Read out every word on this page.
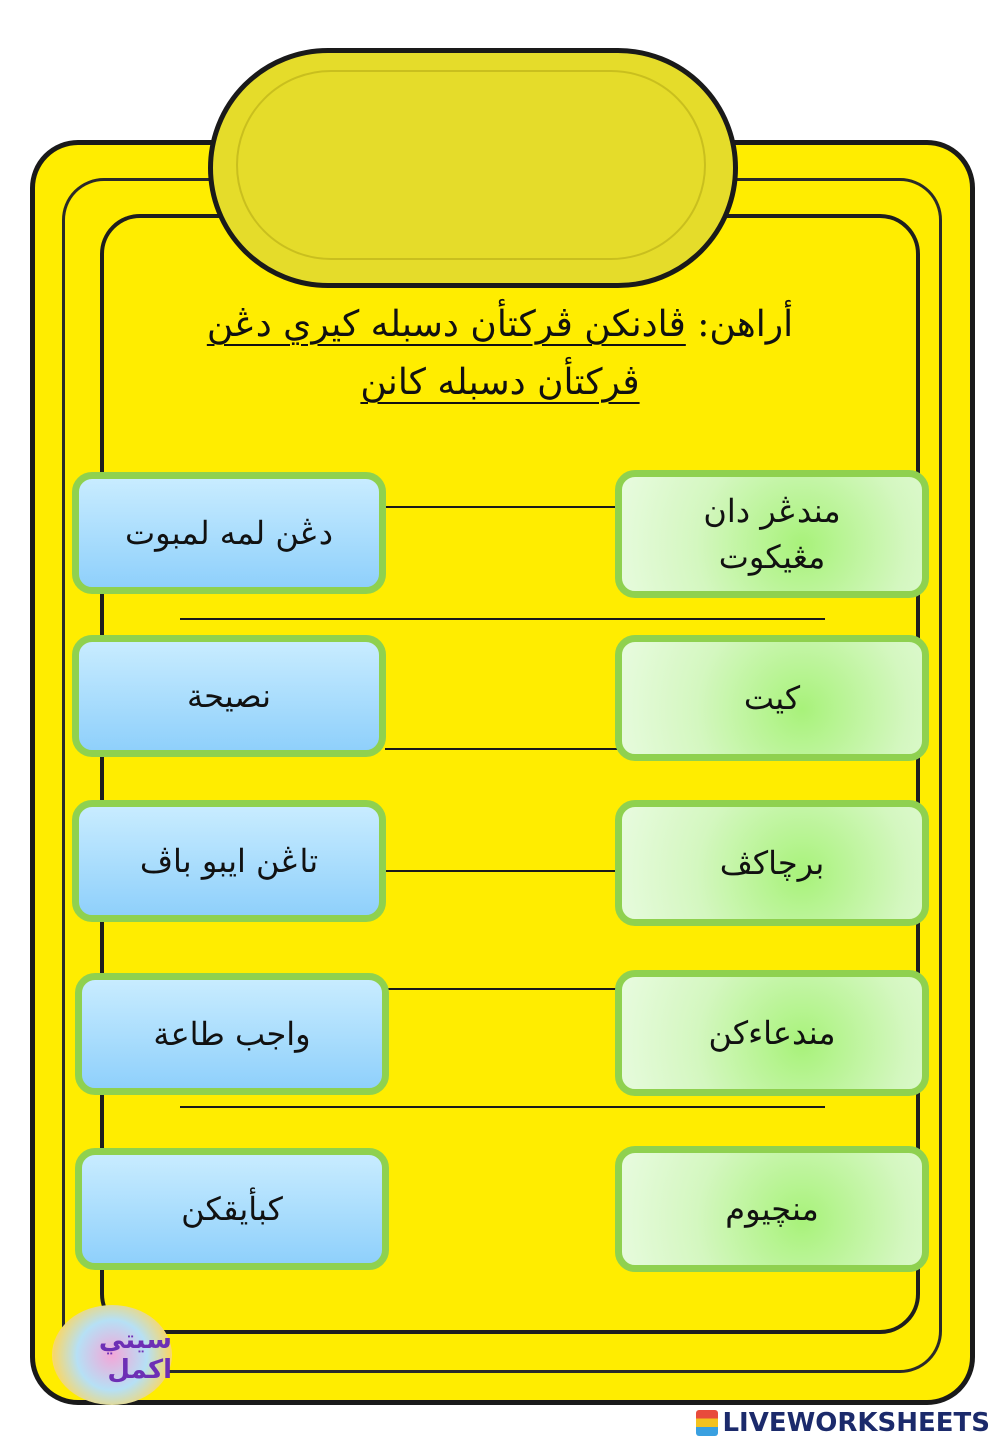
أراهن: ڤادنكن ڤركتأن دسبله كيري دڠن
ڤركتأن دسبله كانن
دڠن لمه لمبوت
نصيحة
تاڠن ايبو باڤ
واجب طاعة
كبأيقكن
مندڠر دان مڠيكوت
كيت
برچاكڤ
مندعاءكن
منچيوم
سيتي اكمل
LIVEWORKSHEETS
